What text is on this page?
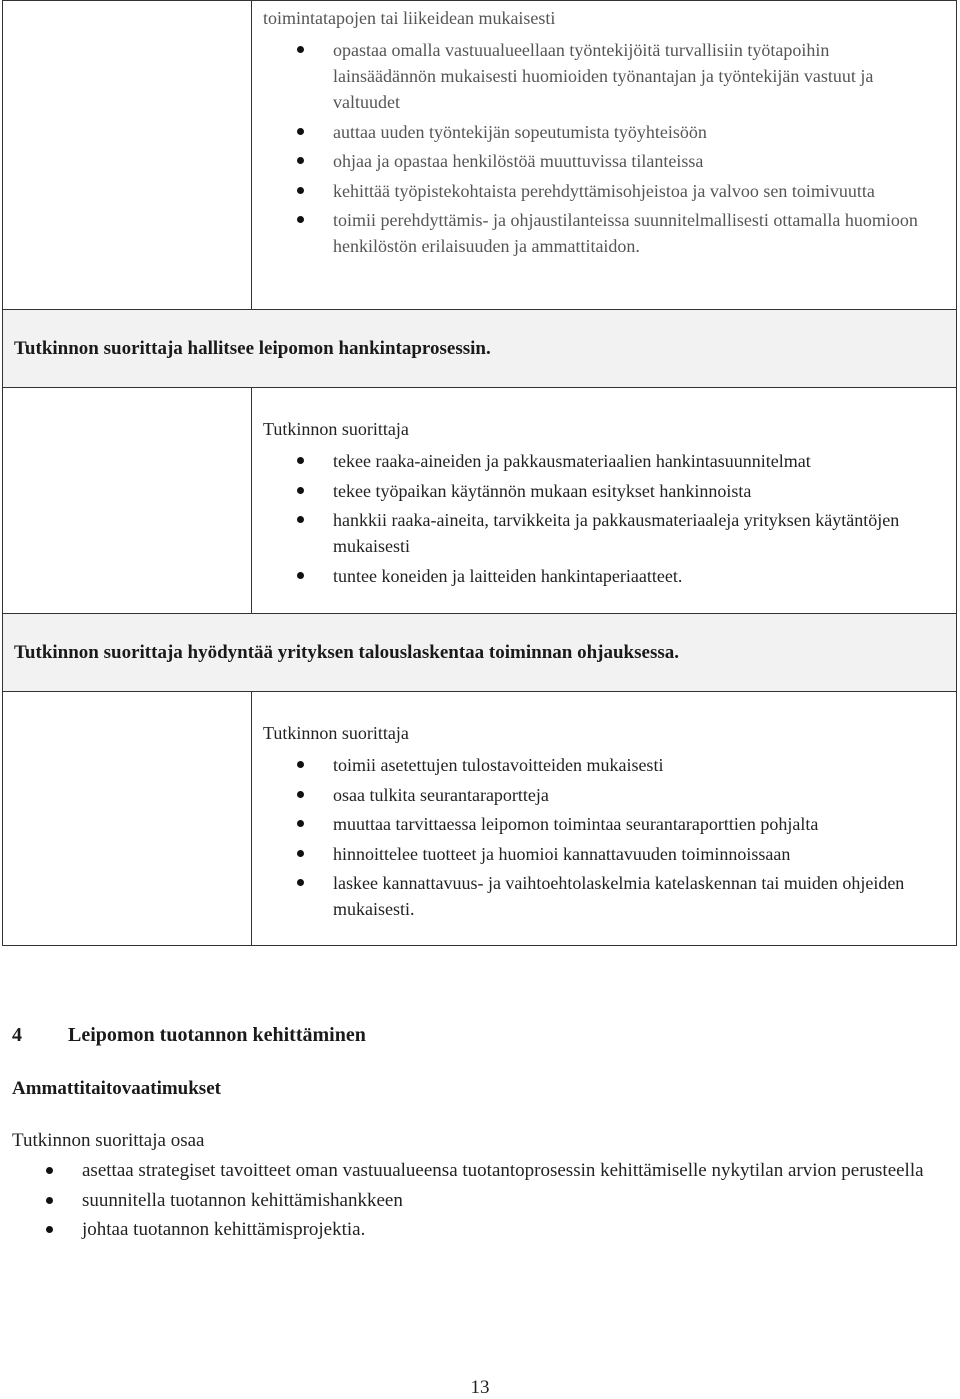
toimintatapojen tai liikeidean mukaisesti

opastaa omalla vastuualueellaan työntekijöitä turvallisiin työtapoihin lainsäädännön mukaisesti huomioiden työnantajan ja työntekijän vastuut ja valtuudet
auttaa uuden työntekijän sopeutumista työyhteisöön
ohjaa ja opastaa henkilöstöä muuttuvissa tilanteissa
kehittää työpistekohtaista perehdyttämisohjeistoa ja valvoo sen toimivuutta
toimii perehdyttämis- ja ohjaustilanteissa suunnitelmallisesti ottamalla huomioon henkilöstön erilaisuuden ja ammattitaidon.
Tutkinnon suorittaja hallitsee leipomon hankintaprosessin.

Tutkinnon suorittaja

tekee raaka-aineiden ja pakkausmateriaalien hankintasuunnitelmat
tekee työpaikan käytännön mukaan esitykset hankinnoista
hankkii raaka-aineita, tarvikkeita ja pakkausmateriaaleja yrityksen käytäntöjen mukaisesti
tuntee koneiden ja laitteiden hankintaperiaatteet.
Tutkinnon suorittaja hyödyntää yrityksen talouslaskentaa toiminnan ohjauksessa.

Tutkinnon suorittaja

toimii asetettujen tulostavoitteiden mukaisesti
osaa tulkita seurantaraportteja
muuttaa tarvittaessa leipomon toimintaa seurantaraporttien pohjalta
hinnoittelee tuotteet ja huomioi kannattavuuden toiminnoissaan
laskee kannattavuus- ja vaihtoehtolaskelmia katelaskennan tai muiden ohjeiden mukaisesti.
4 Leipomon tuotannon kehittäminen
Ammattitaitovaatimukset
Tutkinnon suorittaja osaa
asettaa strategiset tavoitteet oman vastuualueensa tuotantoprosessin kehittämiselle nykytilan arvion perusteella
suunnitella tuotannon kehittämishankkeen
johtaa tuotannon kehittämisprojektia.
13
